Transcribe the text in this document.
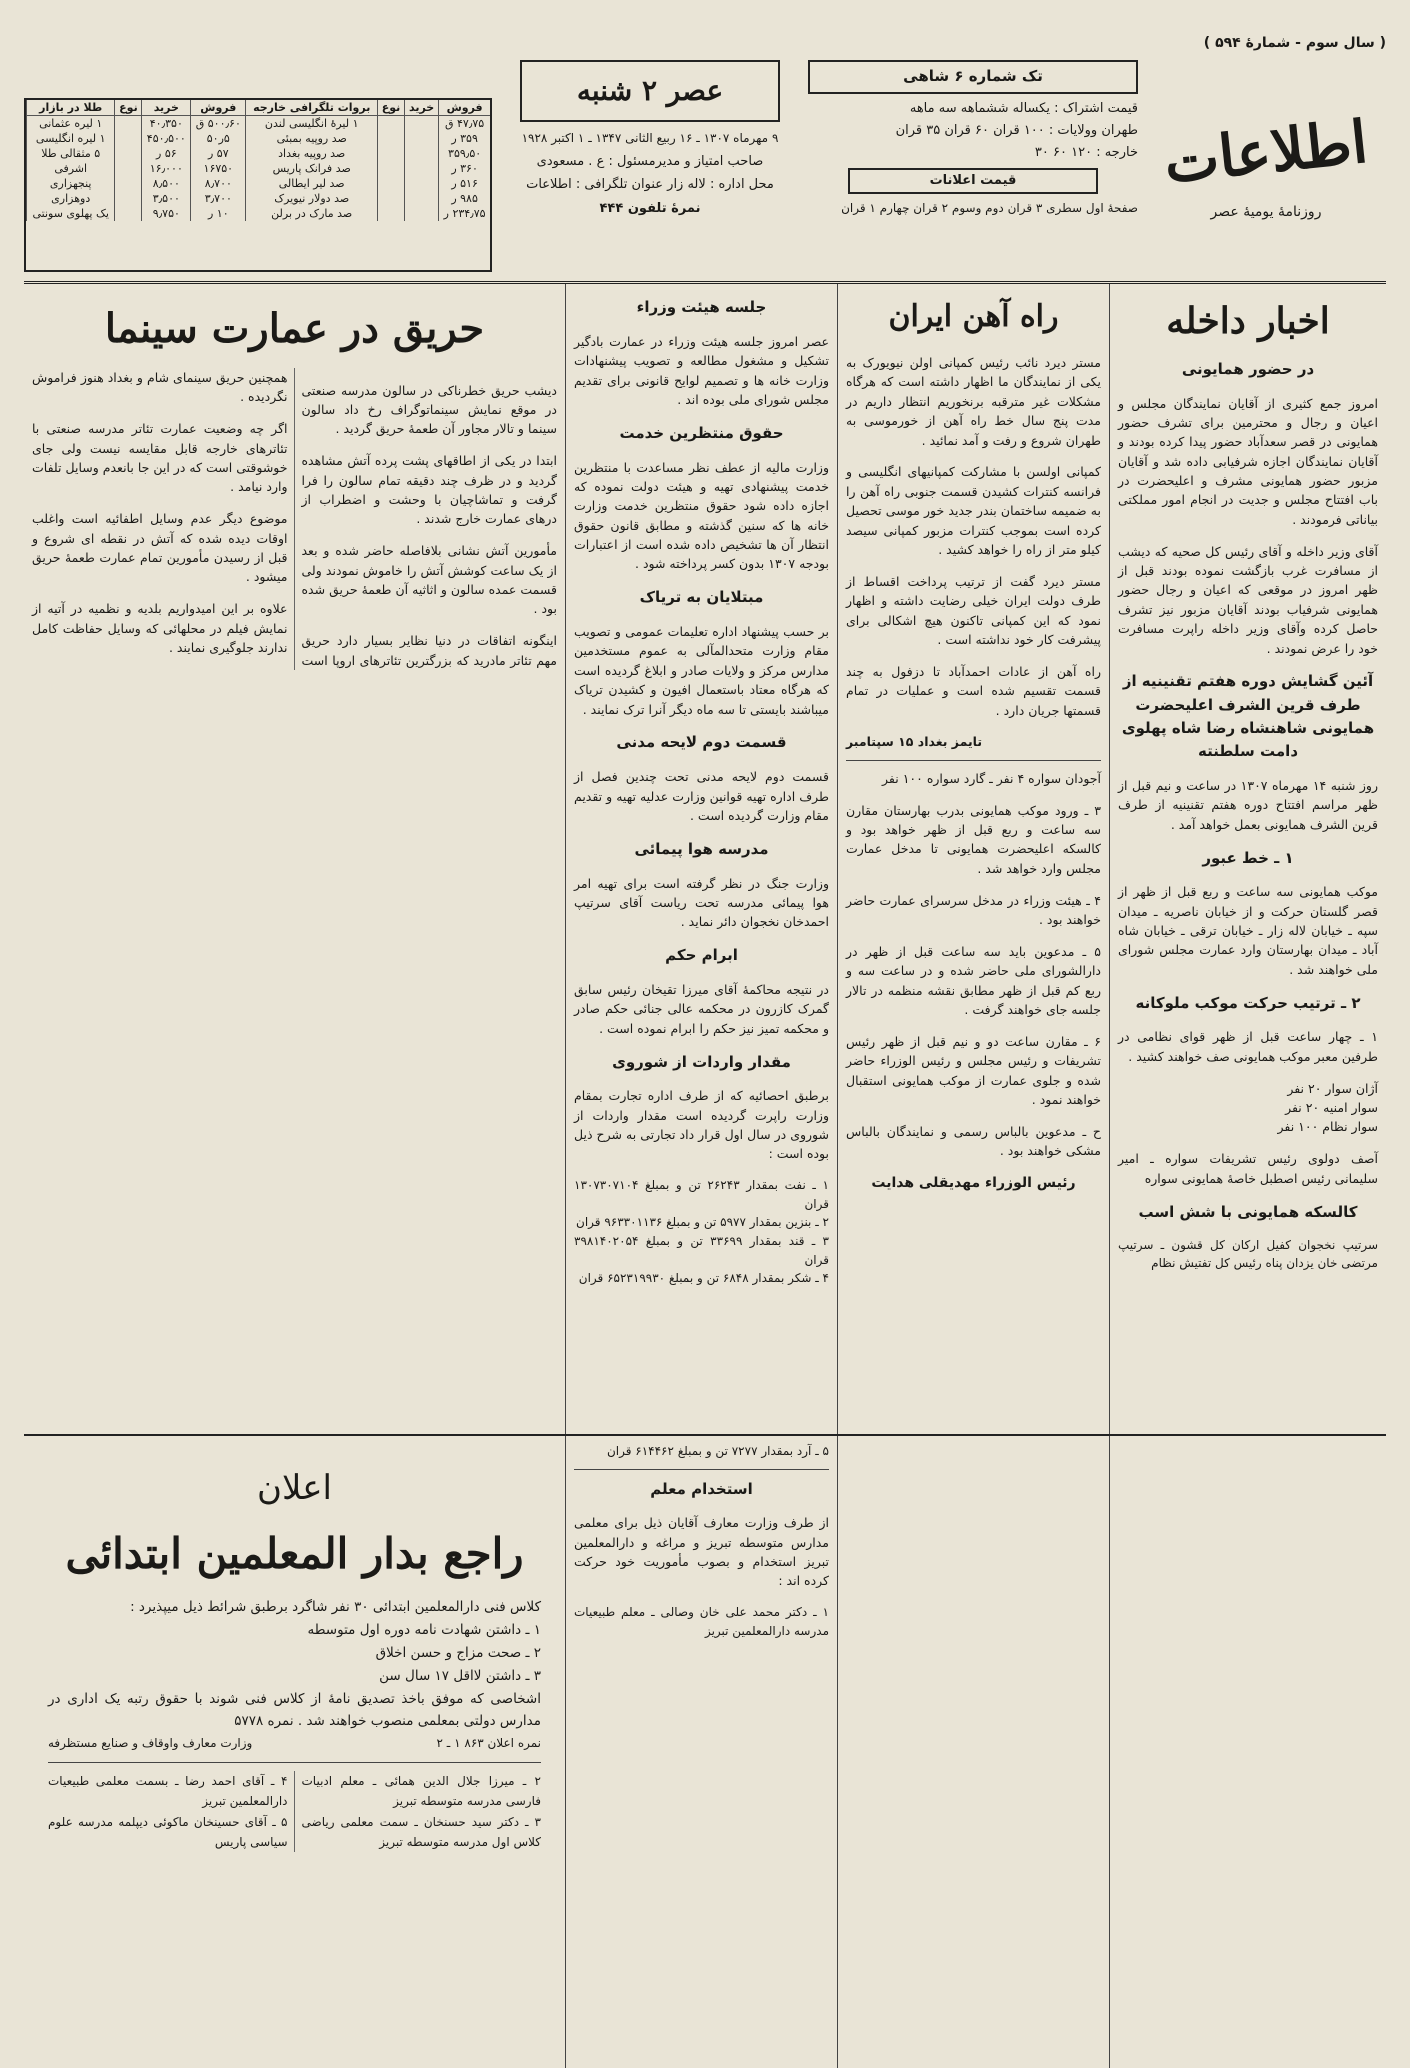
( سال سوم - شمارهٔ ۵۹۴ )
اطلاعات
روزنامهٔ یومیهٔ عصر
تک شماره ۶ شاهی
قیمت اشتراک : یکساله ششماهه سه ماهه
طهران وولایات : ۱۰۰ قران ۶۰ قران ۳۵ قران
خارجه : ۱۲۰ ۶۰ ۳۰
قیمت اعلانات
صفحهٔ اول سطری ۳ قران دوم وسوم ۲ قران چهارم ۱ قران
عصر ۲ شنبه
۹ مهرماه ۱۳۰۷ ـ ۱۶ ربیع الثانی ۱۳۴۷ ـ ۱ اکتبر ۱۹۲۸
صاحب امتیاز و مدیرمسئول : ع . مسعودی
محل اداره : لاله زار عنوان تلگرافی : اطلاعات
نمرهٔ تلفون ۴۴۴
فروش	خرید	نوع	بروات تلگرافی خارجه	فروش	خرید	نوع	طلا در بازار
۴۷٫۷۵ ق			۱ لیرهٔ انگلیسی لندن	۵۰۰٫۶۰ ق	۴۰٫۳۵۰		۱ لیره عثمانی
۳۵۹ ر			صد روپیه بمبئی	۵ر۵۰	۴۵۰٫۵۰۰		۱ لیره انگلیسی
۳۵۹٫۵۰			صد روپیه بغداد	۵۷ ر	۵۶ ر		۵ مثقالی طلا
۳۶۰ ر			صد فرانک پاریس	۱۶۷۵۰	۱۶٫۰۰۰		اشرفی
۵۱۶ ر			صد لیر ایطالی	۸٫۷۰۰	۸٫۵۰۰		پنجهزاری
۹۸۵ ر			صد دولار نیویرک	۳٫۷۰۰	۳٫۵۰۰		دوهزاری
۲۳۴٫۷۵ ر			صد مارک در برلن	۱۰ ر	۹٫۷۵۰		یک پهلوی سونتی
اخبار داخله
در حضور همایونی

امروز جمع کثیری از آقایان نمایندگان مجلس و اعیان و رجال و محترمین برای تشرف حضور همایونی در قصر سعدآباد حضور پیدا کرده بودند و آقایان نمایندگان اجازه شرفیابی داده شد و آقایان مزبور حضور همایونی مشرف و اعلیحضرت در باب افتتاح مجلس و جدیت در انجام امور مملکتی بیاناتی فرمودند .

آقای وزیر داخله و آقای رئیس کل صحیه که دیشب از مسافرت غرب بازگشت نموده بودند قبل از ظهر امروز در موقعی که اعیان و رجال حضور همایونی شرفیاب بودند آقایان مزبور نیز تشرف حاصل کرده وآقای وزیر داخله راپرت مسافرت خود را عرض نمودند .

آئین گشایش دوره هفتم تقنینیه از طرف قرین الشرف اعلیحضرت همایونی شاهنشاه رضا شاه پهلوی دامت سلطنته

روز شنبه ۱۴ مهرماه ۱۳۰۷ در ساعت و نیم قبل از ظهر مراسم افتتاح دوره هفتم تقنینیه از طرف قرین الشرف همایونی بعمل خواهد آمد .

۱ ـ خط عبور

موکب همایونی سه ساعت و ربع قبل از ظهر از قصر گلستان حرکت و از خیابان ناصریه ـ میدان سپه ـ خیابان لاله زار ـ خیابان ترقی ـ خیابان شاه آباد ـ میدان بهارستان وارد عمارت مجلس شورای ملی خواهند شد .

۲ ـ ترتیب حرکت موکب ملوکانه

۱ ـ چهار ساعت قبل از ظهر قوای نظامی در طرفین معبر موکب همایونی صف خواهند کشید .

آژان سوار ۲۰ نفر
سوار امنیه ۲۰ نفر
سوار نظام ۱۰۰ نفر

آصف دولوی رئیس تشریفات سواره ـ امیر سلیمانی رئیس اصطبل خاصهٔ همایونی سواره

کالسکه همایونی با شش اسب

سرتیپ نخجوان کفیل ارکان کل قشون ـ سرتیپ مرتضی خان یزدان پناه رئیس کل تفتیش نظام

راه آهن ایران

مستر دیرد نائب رئیس کمپانی اولن نیویورک به یکی از نمایندگان ما اظهار داشته است که هرگاه مشکلات غیر مترقبه برنخوریم انتظار داریم در مدت پنج سال خط راه آهن از خورموسی به طهران شروع و رفت و آمد نمائید .

کمپانی اولسن با مشارکت کمپانیهای انگلیسی و فرانسه کنترات کشیدن قسمت جنوبی راه آهن را به ضمیمه ساختمان بندر جدید خور موسی تحصیل کرده است بموجب کنترات مزبور کمپانی سیصد کیلو متر از راه را خواهد کشید .

مستر دیرد گفت از ترتیب پرداخت اقساط از طرف دولت ایران خیلی رضایت داشته و اظهار نمود که این کمپانی تاکنون هیچ اشکالی برای پیشرفت کار خود نداشته است .

راه آهن از عادات احمدآباد تا دزفول به چند قسمت تقسیم شده است و عملیات در تمام قسمتها جریان دارد .

تایمز بغداد ۱۵ سپتامبر
آجودان سواره ۴ نفر ـ گارد سواره ۱۰۰ نفر

۳ ـ ورود موکب همایونی بدرب بهارستان مقارن سه ساعت و ربع قبل از ظهر خواهد بود و کالسکه اعلیحضرت همایونی تا مدخل عمارت مجلس وارد خواهد شد .

۴ ـ هیئت وزراء در مدخل سرسرای عمارت حاضر خواهند بود .

۵ ـ مدعوین باید سه ساعت قبل از ظهر در دارالشورای ملی حاضر شده و در ساعت سه و ربع کم قبل از ظهر مطابق نقشه منظمه در تالار جلسه جای خواهند گرفت .

۶ ـ مقارن ساعت دو و نیم قبل از ظهر رئیس تشریفات و رئیس مجلس و رئیس الوزراء حاضر شده و جلوی عمارت از موکب همایونی استقبال خواهند نمود .

ح ـ مدعوین بالباس رسمی و نمایندگان بالباس مشکی خواهند بود .

رئیس الوزراء مهدیقلی هدایت
جلسه هیئت وزراء

عصر امروز جلسه هیئت وزراء در عمارت بادگیر تشکیل و مشغول مطالعه و تصویب پیشنهادات وزارت خانه ها و تصمیم لوایح قانونی برای تقدیم مجلس شورای ملی بوده اند .

حقوق منتظرین خدمت

وزارت مالیه از عطف نظر مساعدت با منتظرین خدمت پیشنهادی تهیه و هیئت دولت نموده که اجازه داده شود حقوق منتظرین خدمت وزارت خانه ها که سنین گذشته و مطابق قانون حقوق انتظار آن ها تشخیص داده شده است از اعتبارات بودجه ۱۳۰۷ بدون کسر پرداخته شود .

مبتلایان به تریاک

بر حسب پیشنهاد اداره تعلیمات عمومی و تصویب مقام وزارت متحدالمآلی به عموم مستخدمین مدارس مرکز و ولایات صادر و ابلاغ گردیده است که هرگاه معتاد باستعمال افیون و کشیدن تریاک میباشند بایستی تا سه ماه دیگر آنرا ترک نمایند .

قسمت دوم لایحه مدنی

قسمت دوم لایحه مدنی تحت چندین فصل از طرف اداره تهیه قوانین وزارت عدلیه تهیه و تقدیم مقام وزارت گردیده است .

مدرسه هوا پیمائی

وزارت جنگ در نظر گرفته است برای تهیه امر هوا پیمائی مدرسه تحت ریاست آقای سرتیپ احمدخان نخجوان دائر نماید .

ابرام حکم

در نتیجه محاکمهٔ آقای میرزا تقیخان رئیس سابق گمرک کازرون در محکمه عالی جنائی حکم صادر و محکمه تمیز نیز حکم را ابرام نموده است .

مقدار واردات از شوروی

برطبق احصائیه که از طرف اداره تجارت بمقام وزارت راپرت گردیده است مقدار واردات از شوروی در سال اول قرار داد تجارتی به شرح ذیل بوده است :

۱ ـ نفت بمقدار ۲۶۲۴۳ تن و بمبلغ ۱۳۰۷۳۰۷۱۰۴ قران
۲ ـ بنزین بمقدار ۵۹۷۷ تن و بمبلغ ۹۶۳۳۰۱۱۳۶ قران
۳ ـ قند بمقدار ۳۳۶۹۹ تن و بمبلغ ۳۹۸۱۴۰۲۰۵۴ قران
۴ ـ شکر بمقدار ۶۸۴۸ تن و بمبلغ ۶۵۲۳۱۹۹۳۰ قران
حریق در عمارت سینما

دیشب حریق خطرناکی در سالون مدرسه صنعتی در موقع نمایش سینماتوگراف رخ داد سالون سینما و تالار مجاور آن طعمهٔ حریق گردید .

ابتدا در یکی از اطاقهای پشت پرده آتش مشاهده گردید و در ظرف چند دقیقه تمام سالون را فرا گرفت و تماشاچیان با وحشت و اضطراب از درهای عمارت خارج شدند .

مأمورین آتش نشانی بلافاصله حاضر شده و بعد از یک ساعت کوشش آتش را خاموش نمودند ولی قسمت عمده سالون و اثاثیه آن طعمهٔ حریق شده بود .

اینگونه اتفاقات در دنیا نظایر بسیار دارد حریق مهم تئاتر مادرید که بزرگترین تئاترهای اروپا است همچنین حریق سینمای شام و بغداد هنوز فراموش نگردیده .

اگر چه وضعیت عمارت تئاتر مدرسه صنعتی با تئاترهای خارجه قابل مقایسه نیست ولی جای خوشوقتی است که در این جا بانعدم وسایل تلفات وارد نیامد .

موضوع دیگر عدم وسایل اطفائیه است واغلب اوقات دیده شده که آتش در نقطه ای شروع و قبل از رسیدن مأمورین تمام عمارت طعمهٔ حریق میشود .

علاوه بر این امیدواریم بلدیه و نظمیه در آتیه از نمایش فیلم در محلهائی که وسایل حفاظت کامل ندارند جلوگیری نمایند .

۵ ـ آرد بمقدار ۷۲۷۷ تن و بمبلغ ۶۱۴۴۶۲ قران
استخدام معلم

از طرف وزارت معارف آقایان ذیل برای معلمی مدارس متوسطه تبریز و مراغه و دارالمعلمین تبریز استخدام و بصوب مأموریت خود حرکت کرده اند :

۱ ـ دکتر محمد علی خان وصالی ـ معلم طبیعیات مدرسه دارالمعلمین تبریز
اعلان
راجع بدار المعلمین ابتدائی
کلاس فنی دارالمعلمین ابتدائی ۳۰ نفر شاگرد برطبق شرائط ذیل میپذیرد :
۱ ـ داشتن شهادت نامه دوره اول متوسطه
۲ ـ صحت مزاج و حسن اخلاق
۳ ـ داشتن لااقل ۱۷ سال سن
اشخاصی که موفق باخذ تصدیق نامهٔ از کلاس فنی شوند با حقوق رتبه یک اداری در مدارس دولتی بمعلمی منصوب خواهند شد . نمره ۵۷۷۸
نمره اعلان ۸۶۳ ۱ ـ ۲
وزارت معارف واوقاف و صنایع مستظرفه
۲ ـ میرزا جلال الدین همائی ـ معلم ادبیات فارسی مدرسه متوسطه تبریز
۳ ـ دکتر سید حسنخان ـ سمت معلمی ریاضی کلاس اول مدرسه متوسطه تبریز
۴ ـ آقای احمد رضا ـ بسمت معلمی طبیعیات دارالمعلمین تبریز
۵ ـ آقای حسینخان ماکوئی دیپلمه مدرسه علوم سیاسی پاریس
